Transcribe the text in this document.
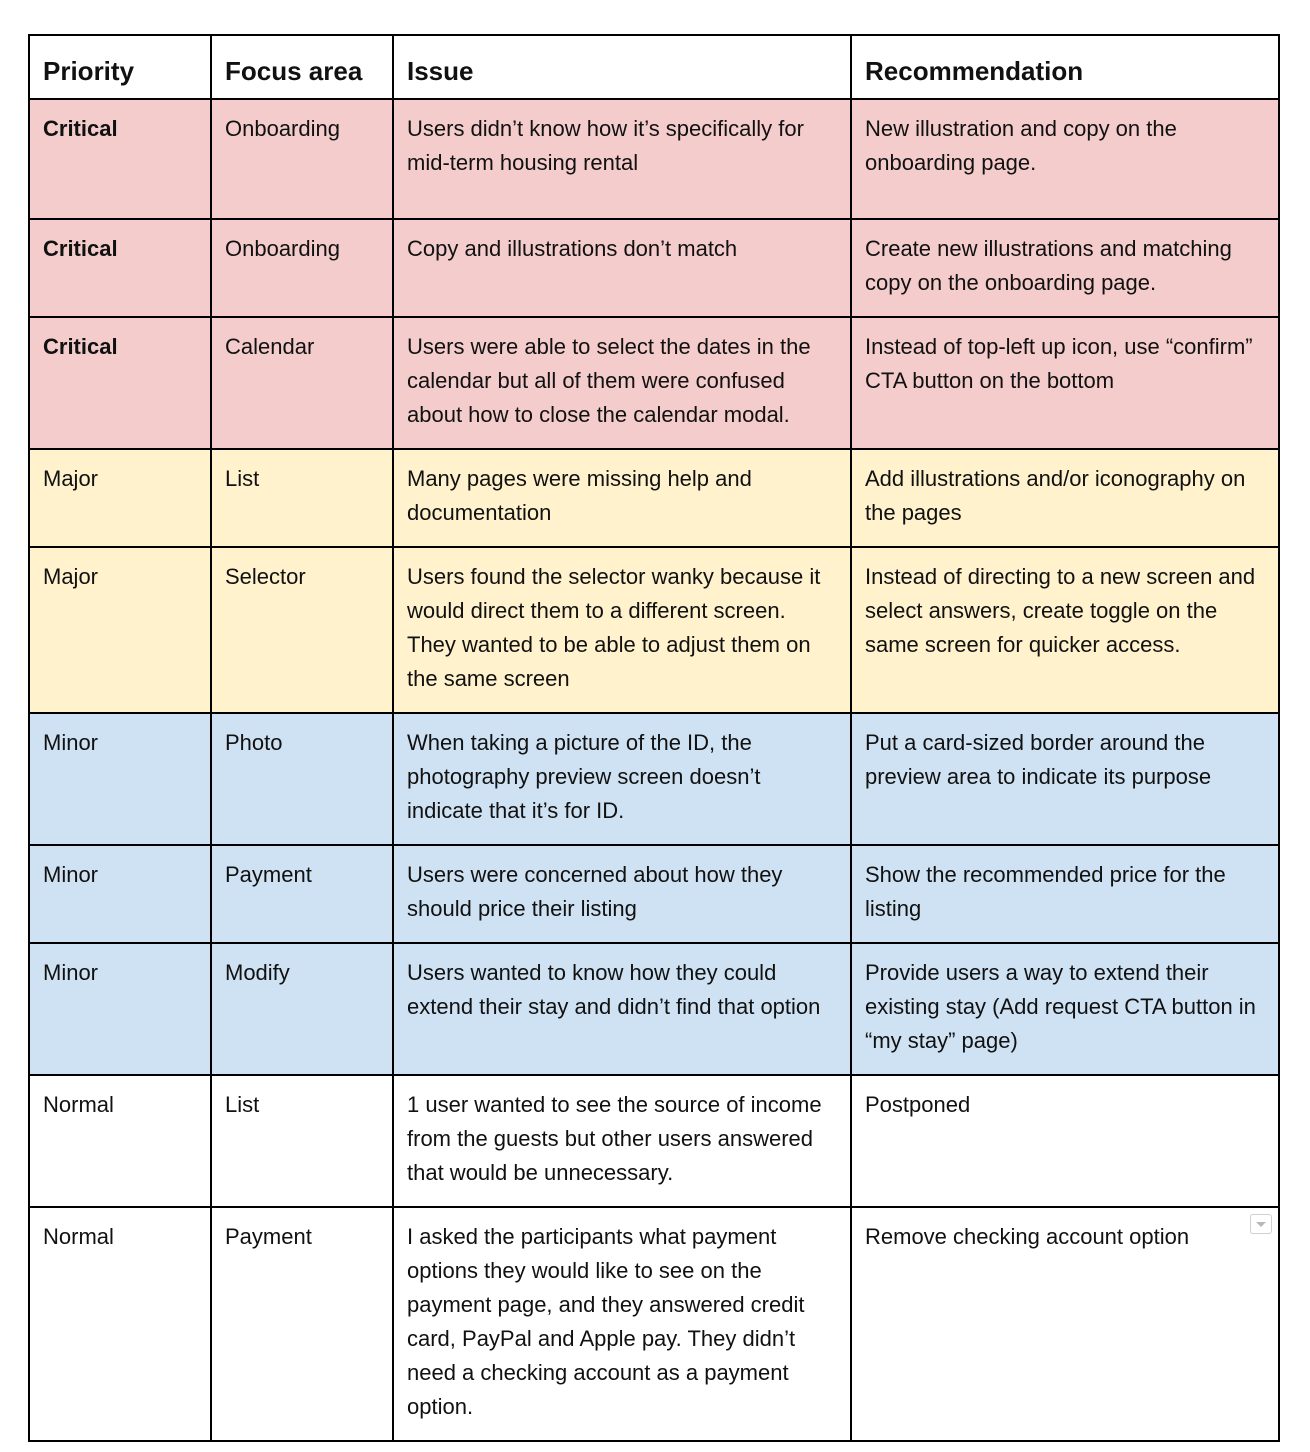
Priority	Focus area	Issue	Recommendation
Critical	Onboarding	Users didn’t know how it’s specifically for mid-term housing rental	New illustration and copy on the onboarding page.
Critical	Onboarding	Copy and illustrations don’t match	Create new illustrations and matching copy on the onboarding page.
Critical	Calendar	Users were able to select the dates in the calendar but all of them were confused about how to close the calendar modal.	Instead of top-left up icon, use “confirm” CTA button on the bottom
Major	List	Many pages were missing help and documentation	Add illustrations and/or iconography on the pages
Major	Selector	Users found the selector wanky because it would direct them to a different screen. They wanted to be able to adjust them on the same screen	Instead of directing to a new screen and select answers, create toggle on the same screen for quicker access.
Minor	Photo	When taking a picture of the ID, the photography preview screen doesn’t indicate that it’s for ID.	Put a card-sized border around the preview area to indicate its purpose
Minor	Payment	Users were concerned about how they should price their listing	Show the recommended price for the listing
Minor	Modify	Users wanted to know how they could extend their stay and didn’t find that option	Provide users a way to extend their existing stay (Add request CTA button in “my stay” page)
Normal	List	1 user wanted to see the source of income from the guests but other users answered that would be unnecessary.	Postponed
Normal	Payment	I asked the participants what payment options they would like to see on the payment page, and they answered credit card, PayPal and Apple pay. They didn’t need a checking account as a payment option.	Remove checking account option
